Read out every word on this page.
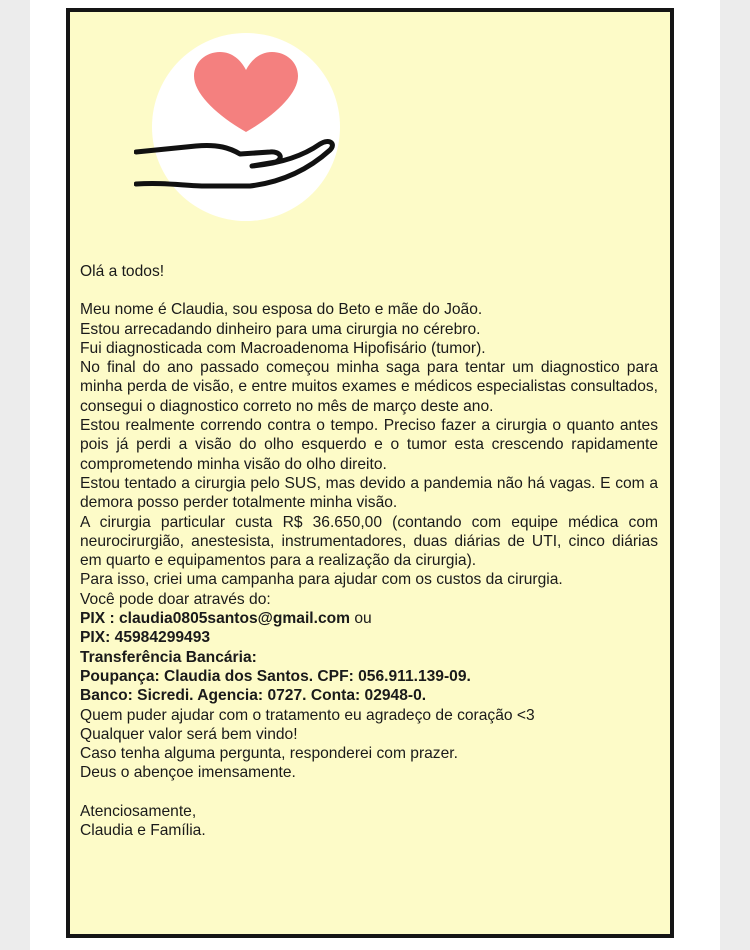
Olá a todos!

Meu nome é Claudia, sou esposa do Beto e mãe do João.

Estou arrecadando dinheiro para uma cirurgia no cérebro.

Fui diagnosticada com Macroadenoma Hipofisário (tumor).

No final do ano passado começou minha saga para tentar um diagnostico para minha perda de visão, e entre muitos exames e médicos especialistas consultados, consegui o diagnostico correto no mês de março deste ano.

Estou realmente correndo contra o tempo. Preciso fazer a cirurgia o quanto antes pois já perdi a visão do olho esquerdo e o tumor esta crescendo rapidamente comprometendo minha visão do olho direito.

Estou tentado a cirurgia pelo SUS, mas devido a pandemia não há vagas. E com a demora posso perder totalmente minha visão.

A cirurgia particular custa R$ 36.650,00 (contando com equipe médica com neurocirurgião, anestesista, instrumentadores, duas diárias de UTI, cinco diárias em quarto e equipamentos para a realização da cirurgia).

Para isso, criei uma campanha para ajudar com os custos da cirurgia.

Você pode doar através do:

PIX : claudia0805santos@gmail.com ou

PIX: 45984299493

Transferência Bancária:

Poupança: Claudia dos Santos. CPF: 056.911.139-09.

Banco: Sicredi. Agencia: 0727. Conta: 02948-0.

Quem puder ajudar com o tratamento eu agradeço de coração <3

Qualquer valor será bem vindo!

Caso tenha alguma pergunta, responderei com prazer.

Deus o abençoe imensamente.

Atenciosamente,

Claudia e Família.
